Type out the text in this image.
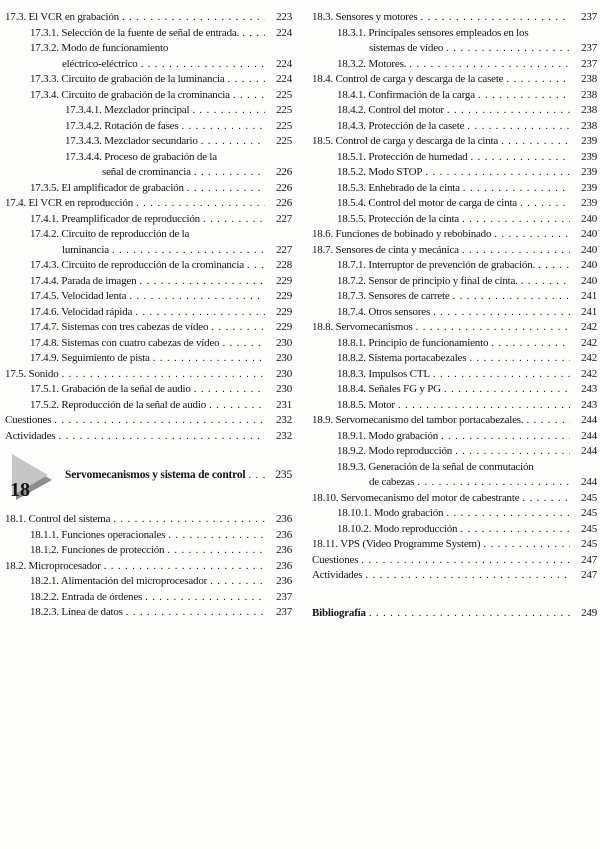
17.3. El VCR en grabación . . .	223
17.3.1. Selección de la fuente de señal de entrada. . . .	224
17.3.2. Modo de funcionamiento
eléctrico-eléctrico . . .	224
17.3.3. Circuito de grabación de la luminancia . . .	224
17.3.4. Circuito de grabación de la crominancia . . .	225
17.3.4.1. Mezclador principal . . .	225
17.3.4.2. Rotación de fases . . .	225
17.3.4.3. Mezclador secundario . . .	225
17.3.4.4. Proceso de grabación de la
señal de crominancia . . .	226
17.3.5. El amplificador de grabación . . .	226
17.4. El VCR en reproducción . . .	226
17.4.1. Preamplificador de reproducción . . .	227
17.4.2. Circuito de reproducción de la
luminancia . . .	227
17.4.3. Circuito de reproducción de la crominancia . . .	228
17.4.4. Parada de imagen . . .	229
17.4.5. Velocidad lenta . . .	229
17.4.6. Velocidad rápida . . .	229
17.4.7. Sistemas con tres cabezas de vídeo . . .	229
17.4.8. Sistemas con cuatro cabezas de vídeo . . .	230
17.4.9. Seguimiento de pista . . .	230
17.5. Sonido . . .	230
17.5.1. Grabación de la señal de audio . . .	230
17.5.2. Reproducción de la señal de audio . . .	231
Cuestiones . . .	232
Actividades . . .	232
18
Servomecanismos y sistema de control . . .	235
18.1. Control del sistema . . .	236
18.1.1. Funciones operacionales . . .	236
18.1.2. Funciones de protección . . .	236
18.2. Microprocesador . . .	236
18.2.1. Alimentación del microprocesador . . .	236
18.2.2. Entrada de órdenes . . .	237
18.2.3. Línea de datos . . .	237
18.3. Sensores y motores . . .	237
18.3.1. Principales sensores empleados en los
sistemas de vídeo . . .	237
18.3.2. Motores. . . .	237
18.4. Control de carga y descarga de la casete . . .	238
18.4.1. Confirmación de la carga . . .	238
18.4.2. Control del motor . . .	238
18.4.3. Protección de la casete . . .	238
18.5. Control de carga y descarga de la cinta . . .	239
18.5.1. Protección de humedad . . .	239
18.5.2. Modo STOP . . .	239
18.5.3. Enhebrado de la cinta . . .	239
18.5.4. Control del motor de carga de cinta . . .	239
18.5.5. Protección de la cinta . . .	240
18.6. Funciones de bobinado y rebobinado . . .	240
18.7. Sensores de cinta y mecánica . . .	240
18.7.1. Interruptor de prevención de grabación. . . .	240
18.7.2. Sensor de principio y final de cinta. . . .	240
18.7.3. Sensores de carrete . . .	241
18.7.4. Otros sensores . . .	241
18.8. Servomecanismos . . .	242
18.8.1. Principio de funcionamiento . . .	242
18.8.2. Sistema portacabezales . . .	242
18.8.3. Impulsos CTL . . .	242
18.8.4. Señales FG y PG . . .	243
18.8.5. Motor . . .	243
18.9. Servomecanismo del tambor portacabezales. . . .	244
18.9.1. Modo grabación . . .	244
18.9.2. Modo reproducción . . .	244
18.9.3. Generación de la señal de conmutación
de cabezas . . .	244
18.10. Servomecanismo del motor de cabestrante . . .	245
18.10.1. Modo grabación . . .	245
18.10.2. Modo reproducción . . .	245
18.11. VPS (Video Programme System) . . .	245
Cuestiones . . .	247
Actividades . . .	247
Bibliografía . . .	249
